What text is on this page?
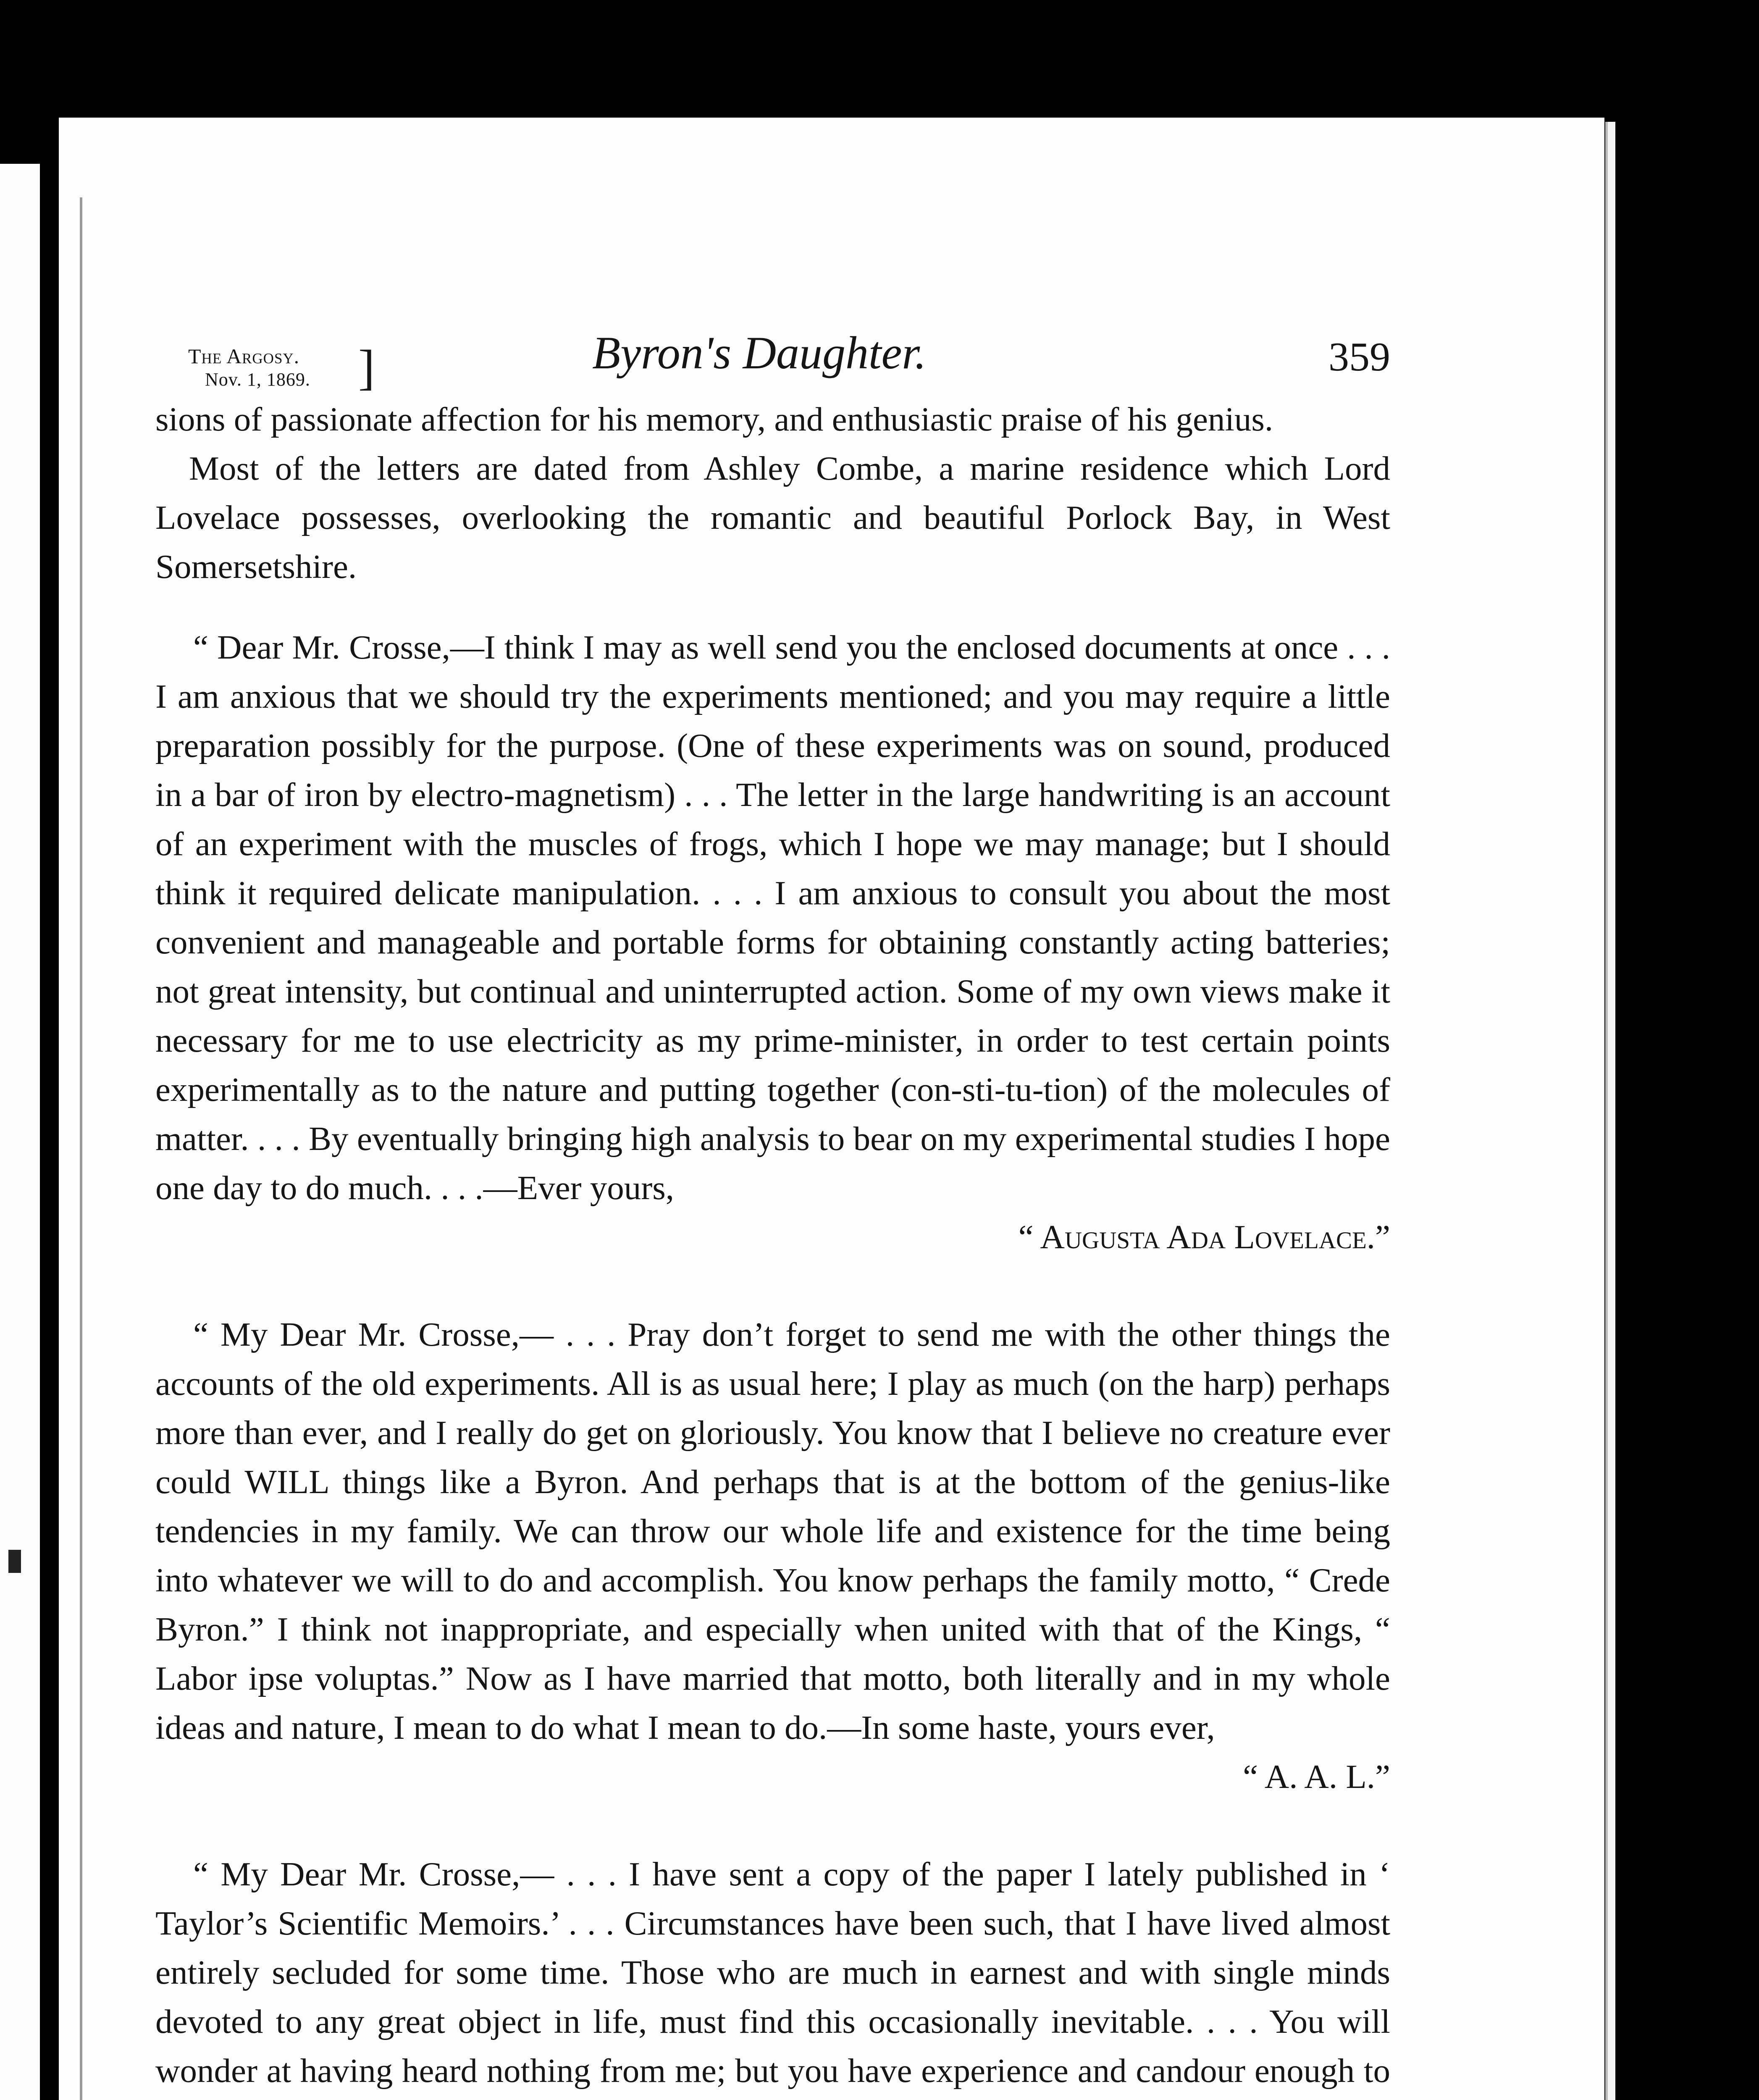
The Argosy.
Nov. 1, 1869. ]	Byron's Daughter.	359

sions of passionate affection for his memory, and enthusiastic praise of his genius.

Most of the letters are dated from Ashley Combe, a marine residence which Lord Lovelace possesses, overlooking the romantic and beautiful Porlock Bay, in West Somersetshire.

“ Dear Mr. Crosse,—I think I may as well send you the enclosed documents at once . . . I am anxious that we should try the experiments mentioned; and you may require a little preparation possibly for the purpose. (One of these experiments was on sound, produced in a bar of iron by electro-magnetism) . . . The letter in the large handwriting is an account of an experiment with the muscles of frogs, which I hope we may manage; but I should think it required delicate manipulation. . . . I am anxious to consult you about the most convenient and manageable and portable forms for obtaining constantly acting batteries; not great intensity, but continual and uninterrupted action. Some of my own views make it necessary for me to use electricity as my prime-minister, in order to test certain points experimentally as to the nature and putting together (con-sti-tu-tion) of the molecules of matter. . . . By eventually bringing high analysis to bear on my experimental studies I hope one day to do much. . . .—Ever yours,

“ Augusta Ada Lovelace.”

“ My Dear Mr. Crosse,— . . . Pray don’t forget to send me with the other things the accounts of the old experiments. All is as usual here; I play as much (on the harp) perhaps more than ever, and I really do get on gloriously. You know that I believe no creature ever could WILL things like a Byron. And perhaps that is at the bottom of the genius-like tendencies in my family. We can throw our whole life and existence for the time being into whatever we will to do and accomplish. You know perhaps the family motto, “ Crede Byron.” I think not inappropriate, and especially when united with that of the Kings, “ Labor ipse voluptas.” Now as I have married that motto, both literally and in my whole ideas and nature, I mean to do what I mean to do.—In some haste, yours ever,

“ A. A. L.”

“ My Dear Mr. Crosse,— . . . I have sent a copy of the paper I lately published in ‘ Taylor’s Scientific Memoirs.’ . . . Circumstances have been such, that I have lived almost entirely secluded for some time. Those who are much in earnest and with single minds devoted to any great object in life, must find this occasionally inevitable. . . . You will wonder at having heard nothing from me; but you have experience and candour enough to
